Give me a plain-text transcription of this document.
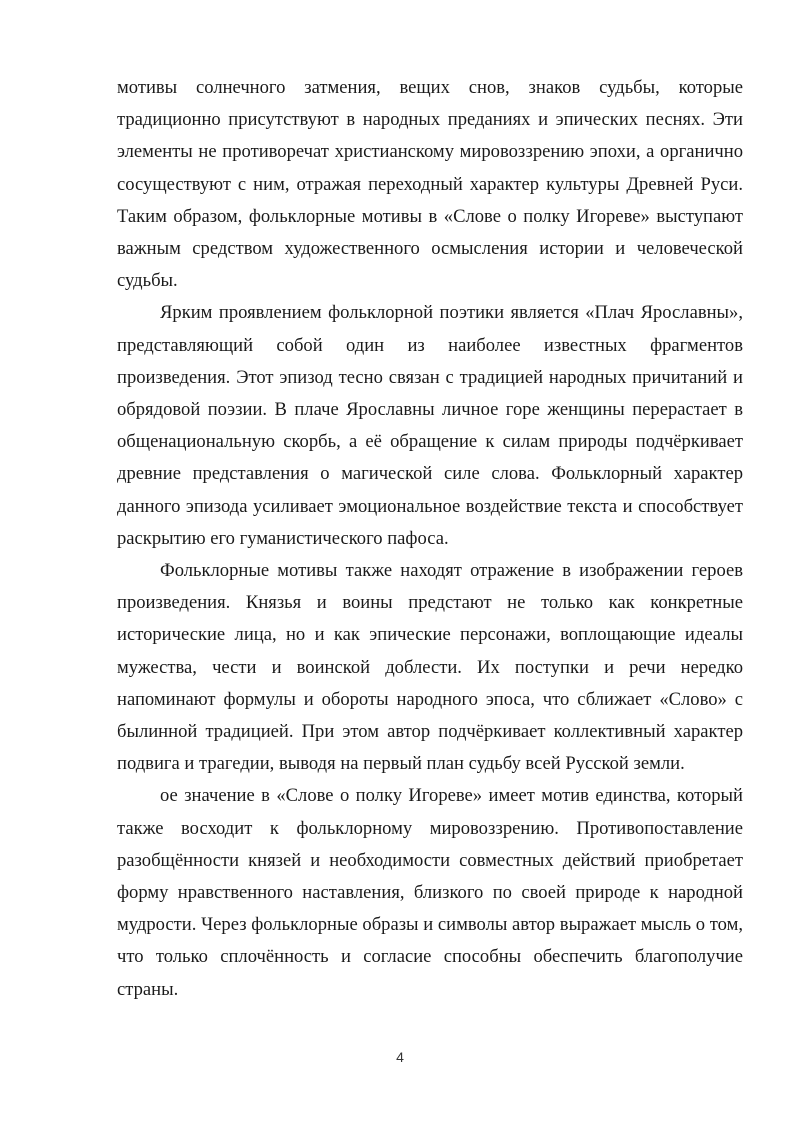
мотивы солнечного затмения, вещих снов, знаков судьбы, которые традиционно присутствуют в народных преданиях и эпических песнях. Эти элементы не противоречат христианскому мировоззрению эпохи, а органично сосуществуют с ним, отражая переходный характер культуры Древней Руси. Таким образом, фольклорные мотивы в «Слове о полку Игореве» выступают важным средством художественного осмысления истории и человеческой судьбы.

Ярким проявлением фольклорной поэтики является «Плач Ярославны», представляющий собой один из наиболее известных фрагментов произведения. Этот эпизод тесно связан с традицией народных причитаний и обрядовой поэзии. В плаче Ярославны личное горе женщины перерастает в общенациональную скорбь, а её обращение к силам природы подчёркивает древние представления о магической силе слова. Фольклорный характер данного эпизода усиливает эмоциональное воздействие текста и способствует раскрытию его гуманистического пафоса.

Фольклорные мотивы также находят отражение в изображении героев произведения. Князья и воины предстают не только как конкретные исторические лица, но и как эпические персонажи, воплощающие идеалы мужества, чести и воинской доблести. Их поступки и речи нередко напоминают формулы и обороты народного эпоса, что сближает «Слово» с былинной традицией. При этом автор подчёркивает коллективный характер подвига и трагедии, выводя на первый план судьбу всей Русской земли.

ое значение в «Слове о полку Игореве» имеет мотив единства, который также восходит к фольклорному мировоззрению. Противопоставление разобщённости князей и необходимости совместных действий приобретает форму нравственного наставления, близкого по своей природе к народной мудрости. Через фольклорные образы и символы автор выражает мысль о том, что только сплочённость и согласие способны обеспечить благополучие страны.

4
